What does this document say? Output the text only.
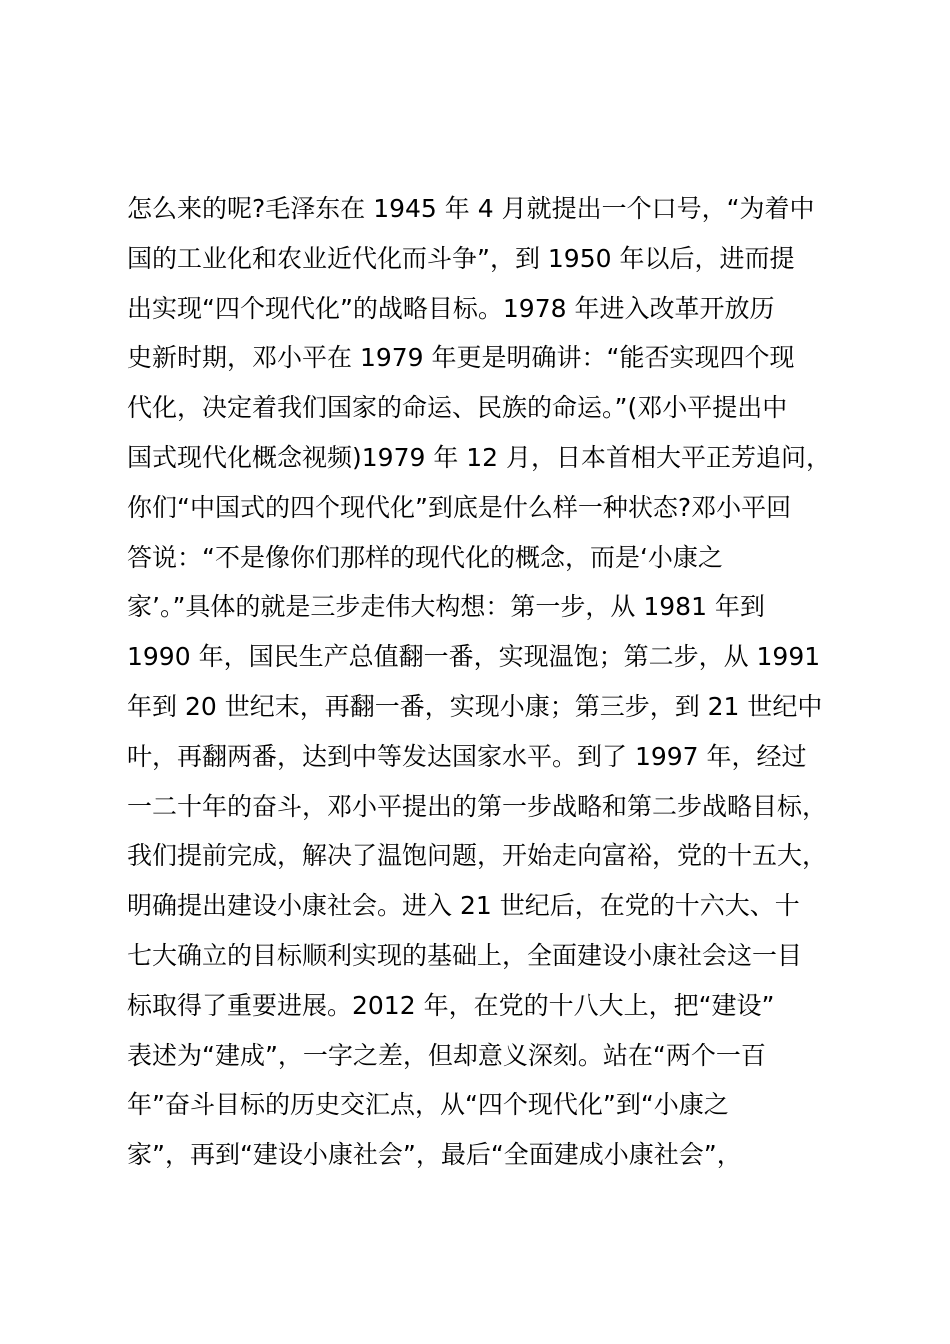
怎么来的呢?毛泽东在 1945 年 4 月就提出一个口号，“为着中
国的工业化和农业近代化而斗争”，到 1950 年以后，进而提
出实现“四个现代化”的战略目标。1978 年进入改革开放历
史新时期，邓小平在 1979 年更是明确讲：“能否实现四个现
代化，决定着我们国家的命运、民族的命运。”(邓小平提出中
国式现代化概念视频)1979 年 12 月，日本首相大平正芳追问，
你们“中国式的四个现代化”到底是什么样一种状态?邓小平回
答说：“不是像你们那样的现代化的概念，而是‘小康之
家’。”具体的就是三步走伟大构想：第一步，从 1981 年到
1990 年，国民生产总值翻一番，实现温饱；第二步，从 1991
年到 20 世纪末，再翻一番，实现小康；第三步，到 21 世纪中
叶，再翻两番，达到中等发达国家水平。到了 1997 年，经过
一二十年的奋斗，邓小平提出的第一步战略和第二步战略目标，
我们提前完成，解决了温饱问题，开始走向富裕，党的十五大，
明确提出建设小康社会。进入 21 世纪后，在党的十六大、十
七大确立的目标顺利实现的基础上，全面建设小康社会这一目
标取得了重要进展。2012 年，在党的十八大上，把“建设”
表述为“建成”，一字之差，但却意义深刻。站在“两个一百
年”奋斗目标的历史交汇点，从“四个现代化”到“小康之
家”，再到“建设小康社会”，最后“全面建成小康社会”，
